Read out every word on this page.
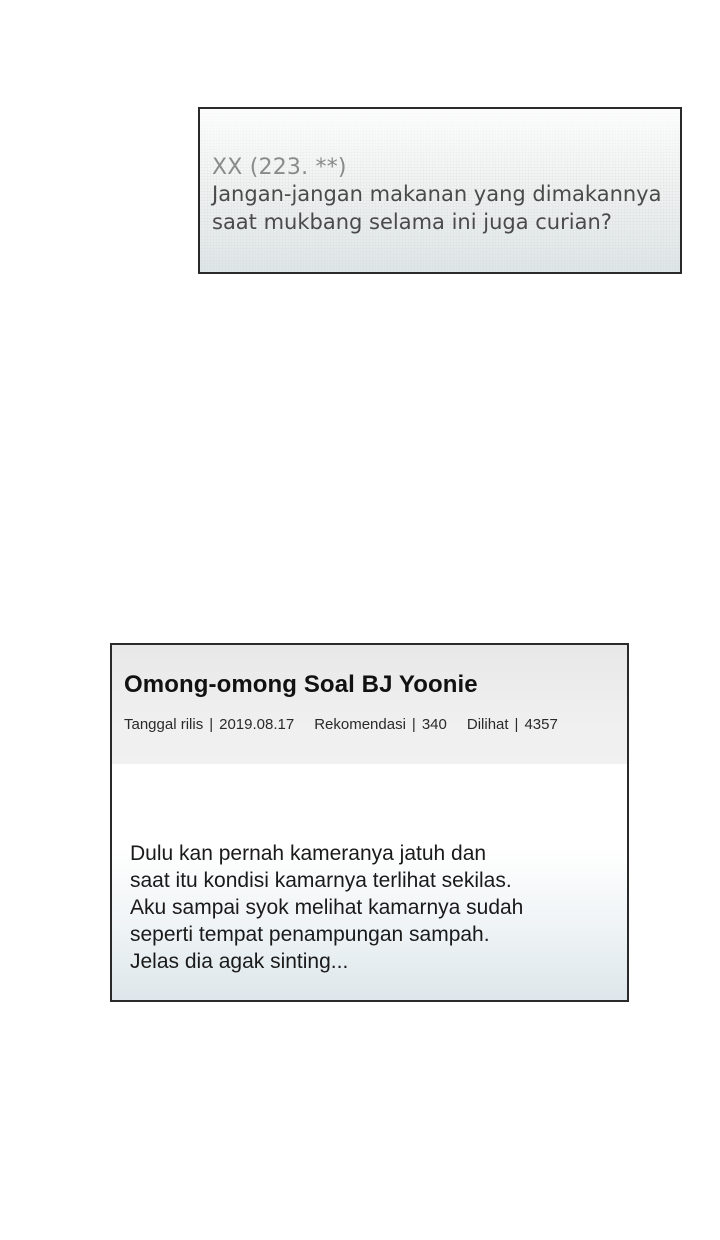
XX (223. **)
Jangan-jangan makanan yang dimakannya
saat mukbang selama ini juga curian?
Omong-omong Soal BJ Yoonie
Tanggal rilis | 2019.08.17 Rekomendasi | 340 Dilihat | 4357
Dulu kan pernah kameranya jatuh dan
saat itu kondisi kamarnya terlihat sekilas.
Aku sampai syok melihat kamarnya sudah
seperti tempat penampungan sampah.
Jelas dia agak sinting...
